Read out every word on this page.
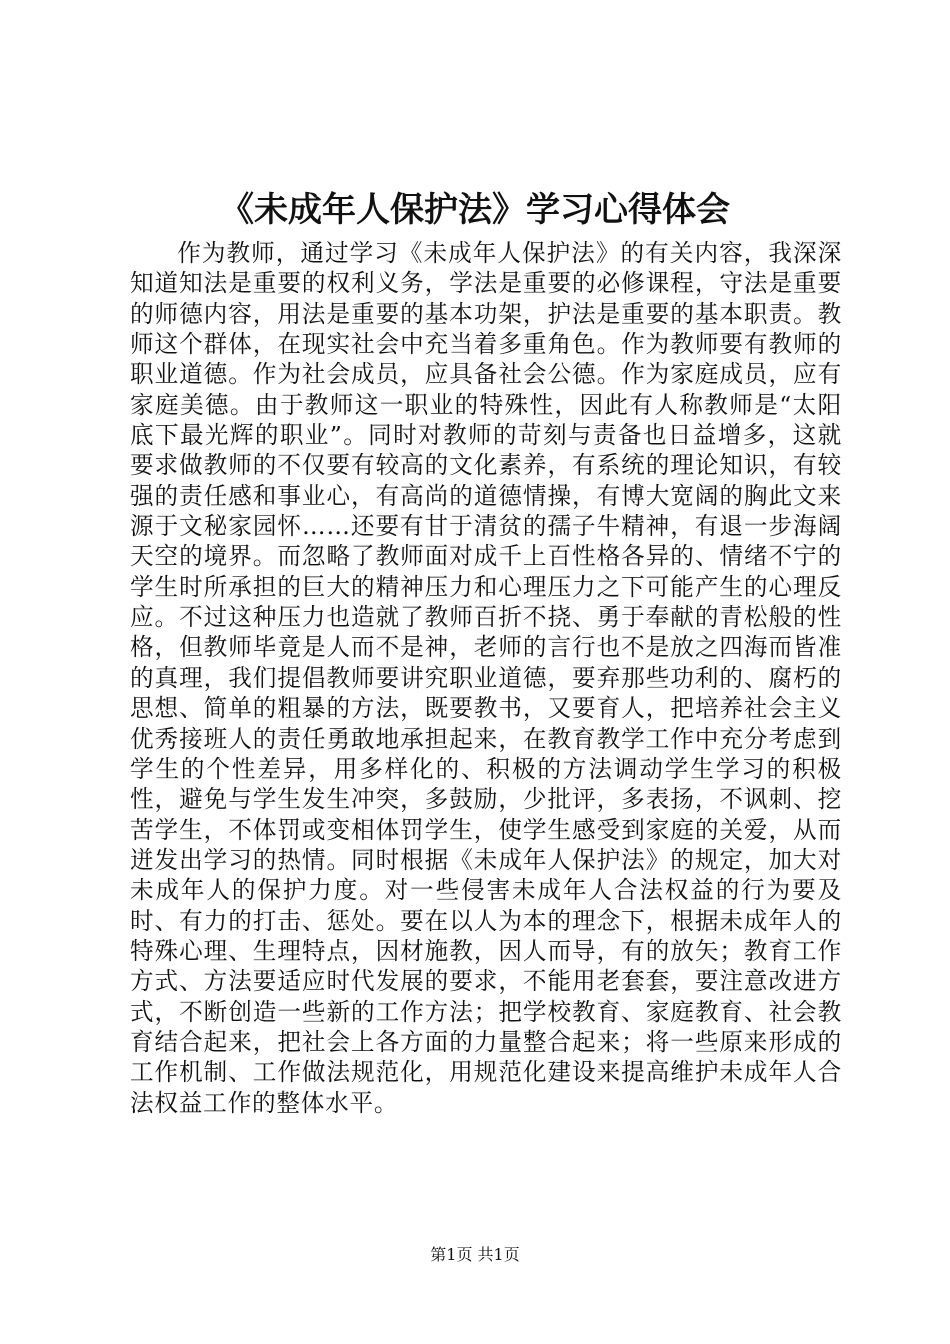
《未成年人保护法》学习心得体会

作为教师，通过学习《未成年人保护法》的有关内容，我深深知道知法是重要的权利义务，学法是重要的必修课程，守法是重要的师德内容，用法是重要的基本功架，护法是重要的基本职责。教师这个群体，在现实社会中充当着多重角色。作为教师要有教师的职业道德。作为社会成员，应具备社会公德。作为家庭成员，应有家庭美德。由于教师这一职业的特殊性，因此有人称教师是“太阳底下最光辉的职业”。同时对教师的苛刻与责备也日益增多，这就要求做教师的不仅要有较高的文化素养，有系统的理论知识，有较强的责任感和事业心，有高尚的道德情操，有博大宽阔的胸此文来源于文秘家园怀……还要有甘于清贫的孺子牛精神，有退一步海阔天空的境界。而忽略了教师面对成千上百性格各异的、情绪不宁的学生时所承担的巨大的精神压力和心理压力之下可能产生的心理反应。不过这种压力也造就了教师百折不挠、勇于奉献的青松般的性格，但教师毕竟是人而不是神，老师的言行也不是放之四海而皆准的真理，我们提倡教师要讲究职业道德，要弃那些功利的、腐朽的思想、简单的粗暴的方法，既要教书，又要育人，把培养社会主义优秀接班人的责任勇敢地承担起来，在教育教学工作中充分考虑到学生的个性差异，用多样化的、积极的方法调动学生学习的积极性，避免与学生发生冲突，多鼓励，少批评，多表扬，不讽刺、挖苦学生，不体罚或变相体罚学生，使学生感受到家庭的关爱，从而迸发出学习的热情。同时根据《未成年人保护法》的规定，加大对未成年人的保护力度。对一些侵害未成年人合法权益的行为要及时、有力的打击、惩处。要在以人为本的理念下，根据未成年人的特殊心理、生理特点，因材施教，因人而导，有的放矢；教育工作方式、方法要适应时代发展的要求，不能用老套套，要注意改进方式，不断创造一些新的工作方法；把学校教育、家庭教育、社会教育结合起来，把社会上各方面的力量整合起来；将一些原来形成的工作机制、工作做法规范化，用规范化建设来提高维护未成年人合法权益工作的整体水平。

第1页 共1页
